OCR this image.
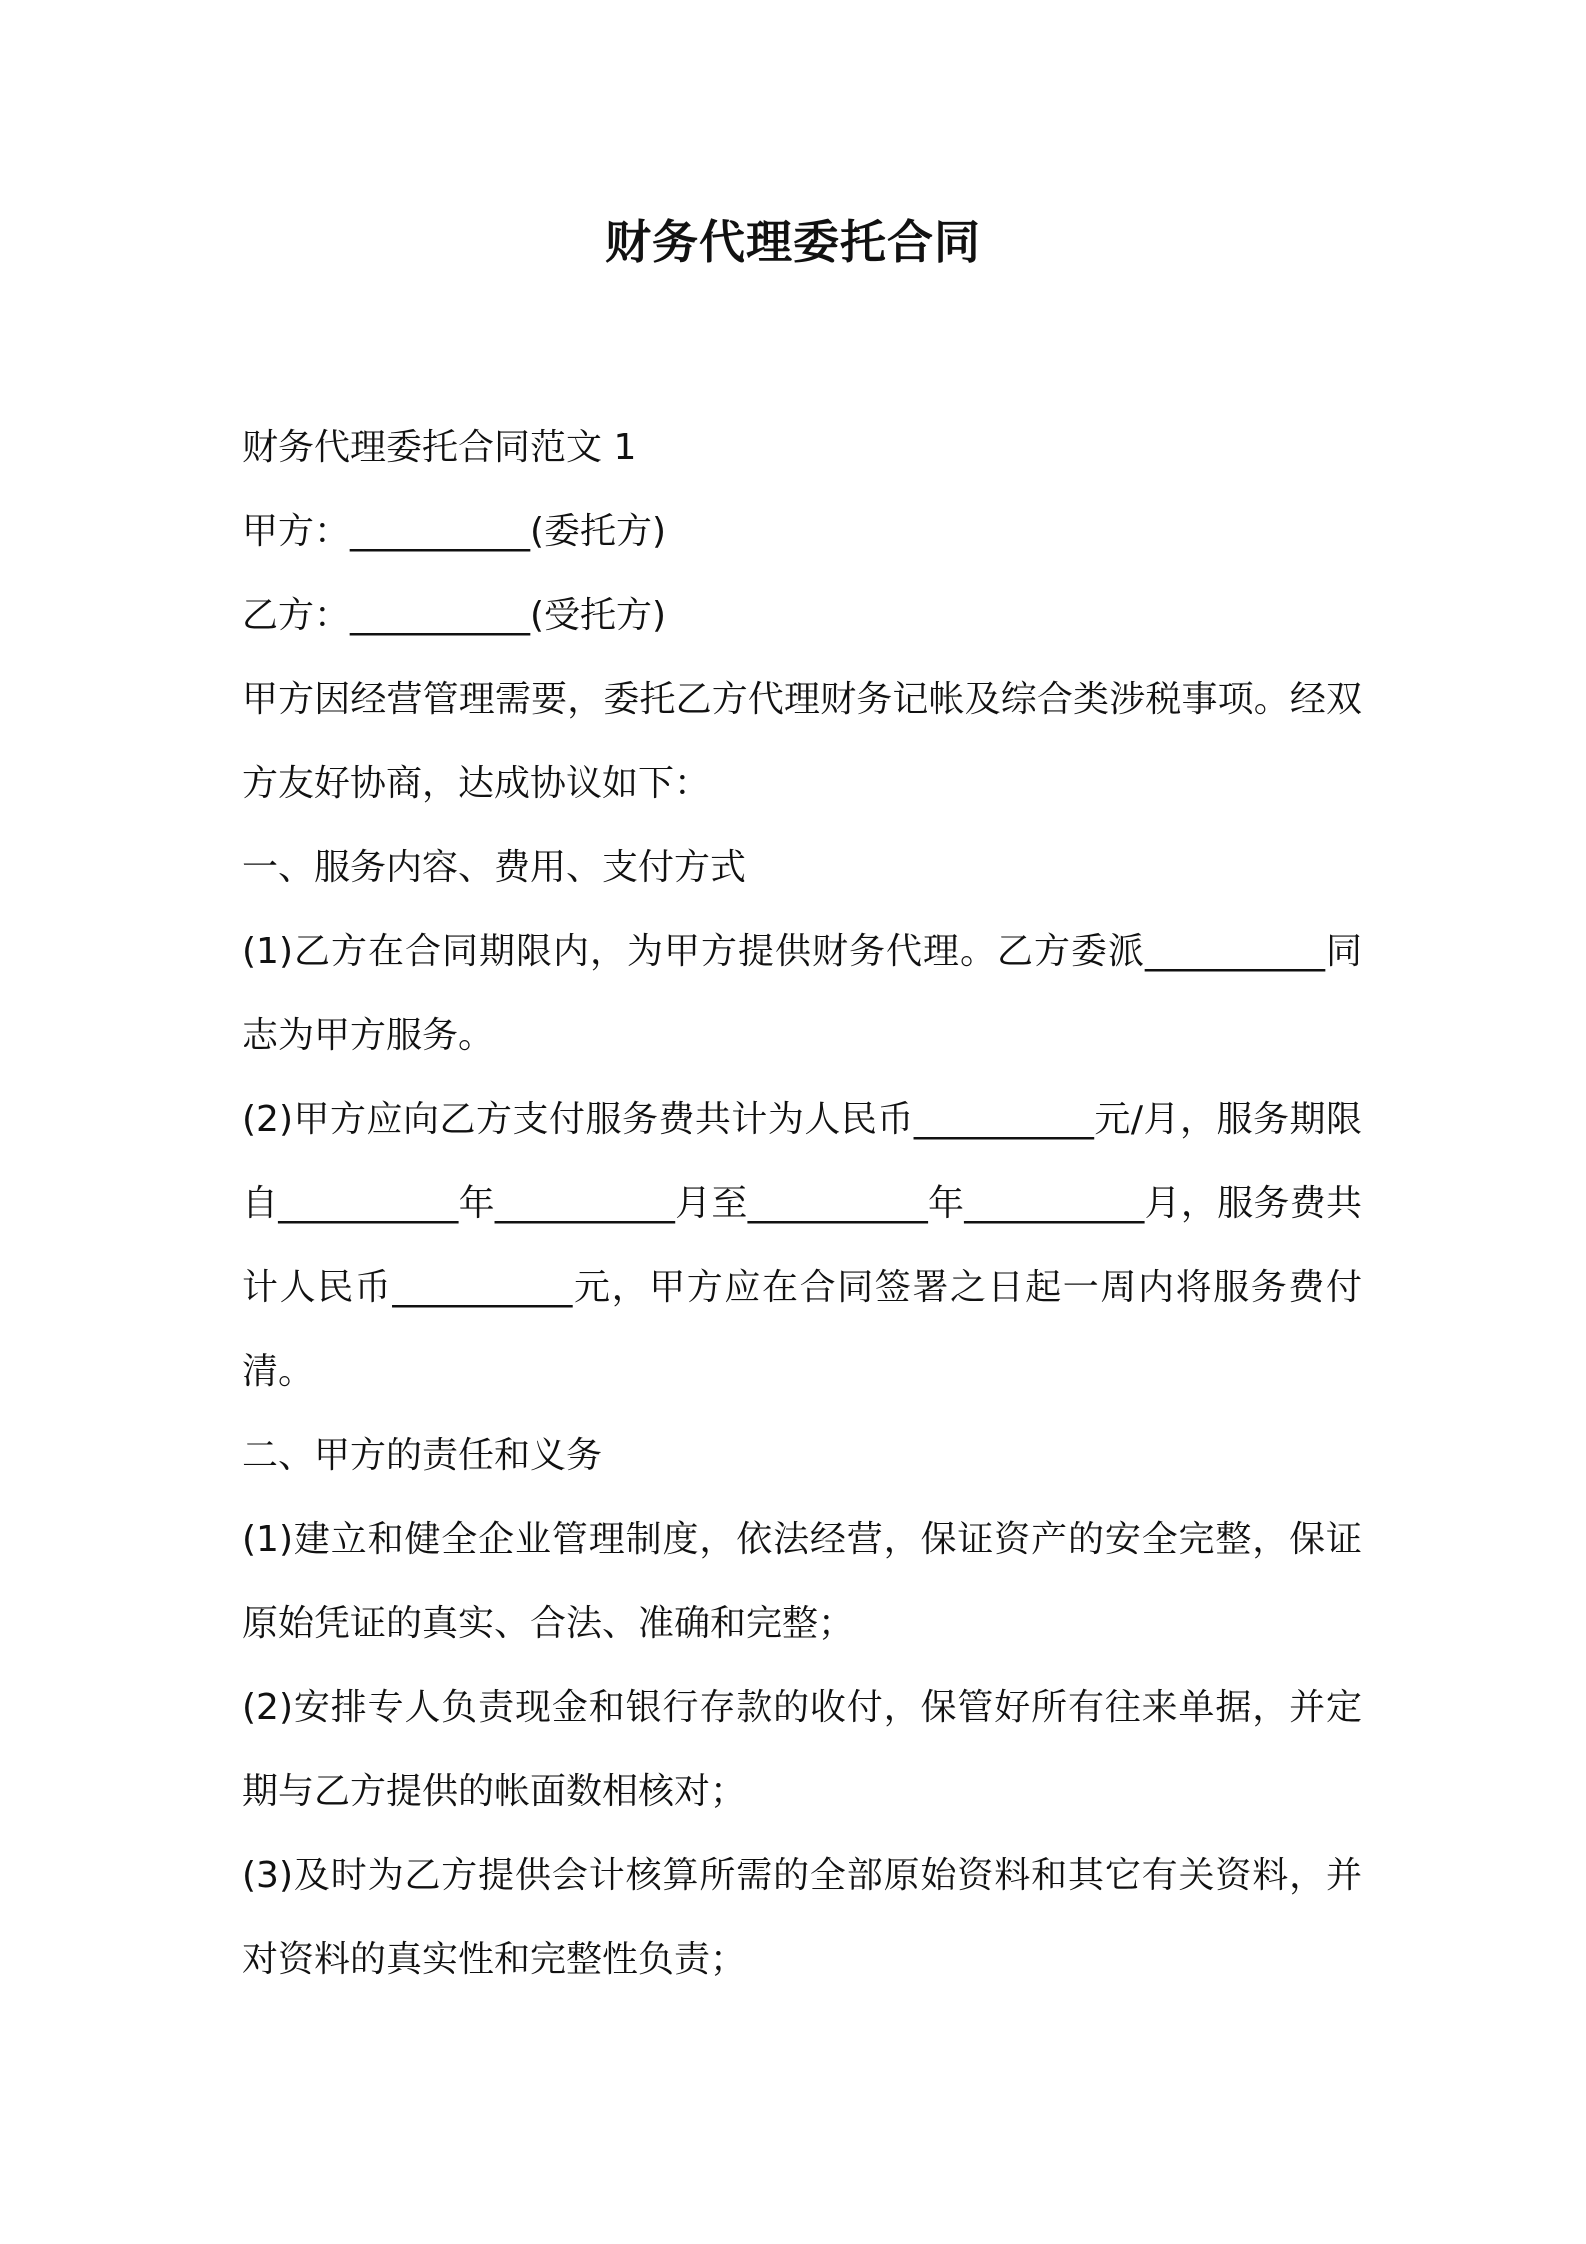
财务代理委托合同

财务代理委托合同范文 1

甲方：__________(委托方)

乙方：__________(受托方)

甲方因经营管理需要，委托乙方代理财务记帐及综合类涉税事项。经双方友好协商，达成协议如下：

一、服务内容、费用、支付方式

(1)乙方在合同期限内，为甲方提供财务代理。乙方委派__________同志为甲方服务。

(2)甲方应向乙方支付服务费共计为人民币__________元/月，服务期限自__________年__________月至__________年__________月，服务费共计人民币__________元，甲方应在合同签署之日起一周内将服务费付清。

二、甲方的责任和义务

(1)建立和健全企业管理制度，依法经营，保证资产的安全完整，保证原始凭证的真实、合法、准确和完整；

(2)安排专人负责现金和银行存款的收付，保管好所有往来单据，并定期与乙方提供的帐面数相核对；

(3)及时为乙方提供会计核算所需的全部原始资料和其它有关资料，并对资料的真实性和完整性负责；
